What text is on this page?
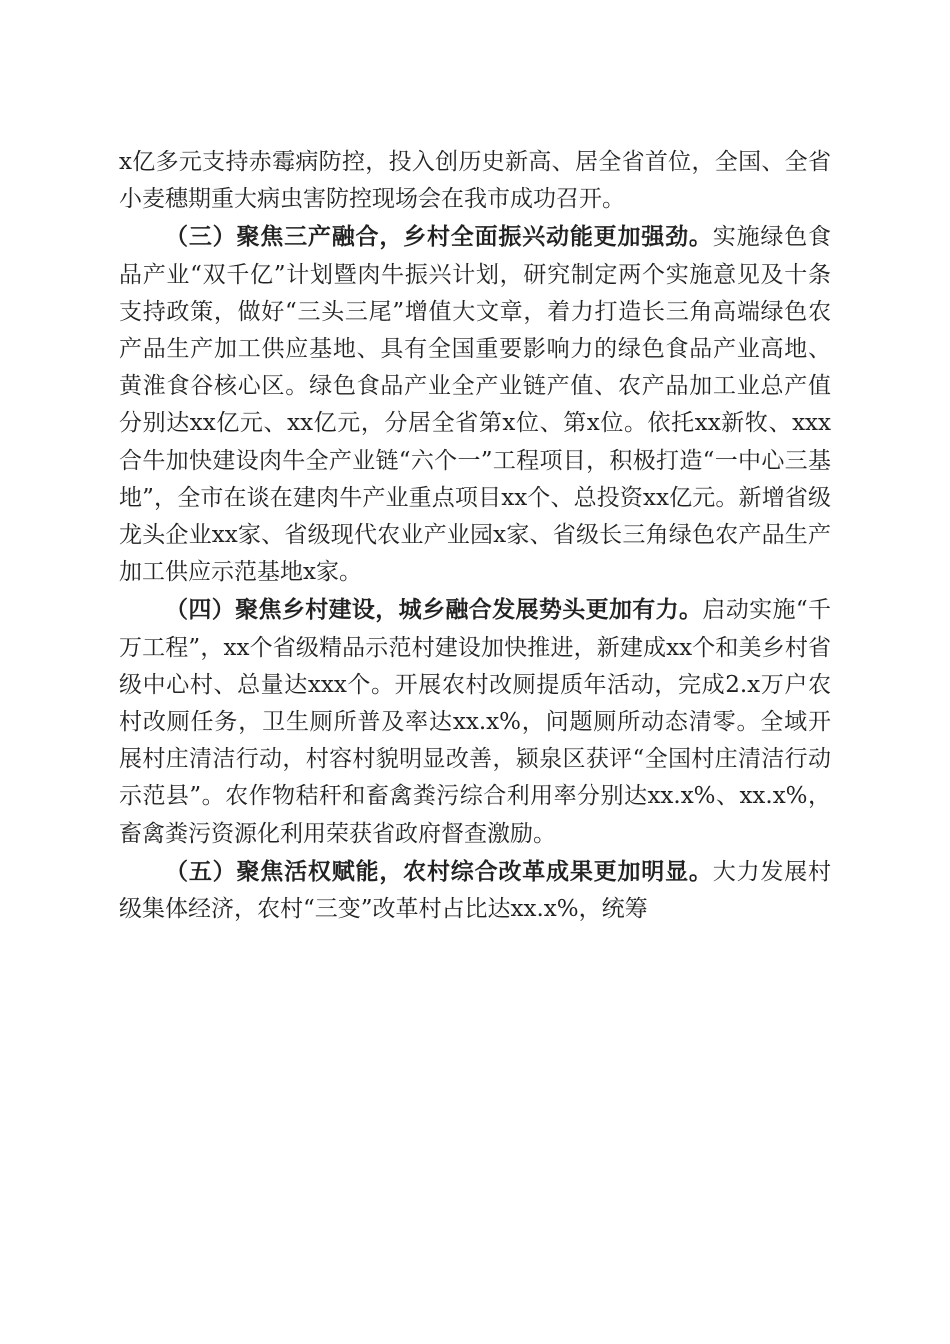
x亿多元支持赤霉病防控，投入创历史新高、居全省首位，全国、全省小麦穗期重大病虫害防控现场会在我市成功召开。

（三）聚焦三产融合，乡村全面振兴动能更加强劲。实施绿色食品产业“双千亿”计划暨肉牛振兴计划，研究制定两个实施意见及十条支持政策，做好“三头三尾”增值大文章，着力打造长三角高端绿色农产品生产加工供应基地、具有全国重要影响力的绿色食品产业高地、黄淮食谷核心区。绿色食品产业全产业链产值、农产品加工业总产值分别达xx亿元、xx亿元，分居全省第x位、第x位。依托xx新牧、xxx合牛加快建设肉牛全产业链“六个一”工程项目，积极打造“一中心三基地”，全市在谈在建肉牛产业重点项目xx个、总投资xx亿元。新增省级龙头企业xx家、省级现代农业产业园x家、省级长三角绿色农产品生产加工供应示范基地x家。

（四）聚焦乡村建设，城乡融合发展势头更加有力。启动实施“千万工程”，xx个省级精品示范村建设加快推进，新建成xx个和美乡村省级中心村、总量达xxx个。开展农村改厕提质年活动，完成2.x万户农村改厕任务，卫生厕所普及率达xx.x%，问题厕所动态清零。全域开展村庄清洁行动，村容村貌明显改善，颍泉区获评“全国村庄清洁行动示范县”。农作物秸秆和畜禽粪污综合利用率分别达xx.x%、xx.x%，畜禽粪污资源化利用荣获省政府督查激励。

（五）聚焦活权赋能，农村综合改革成果更加明显。大力发展村级集体经济，农村“三变”改革村占比达xx.x%，统筹
